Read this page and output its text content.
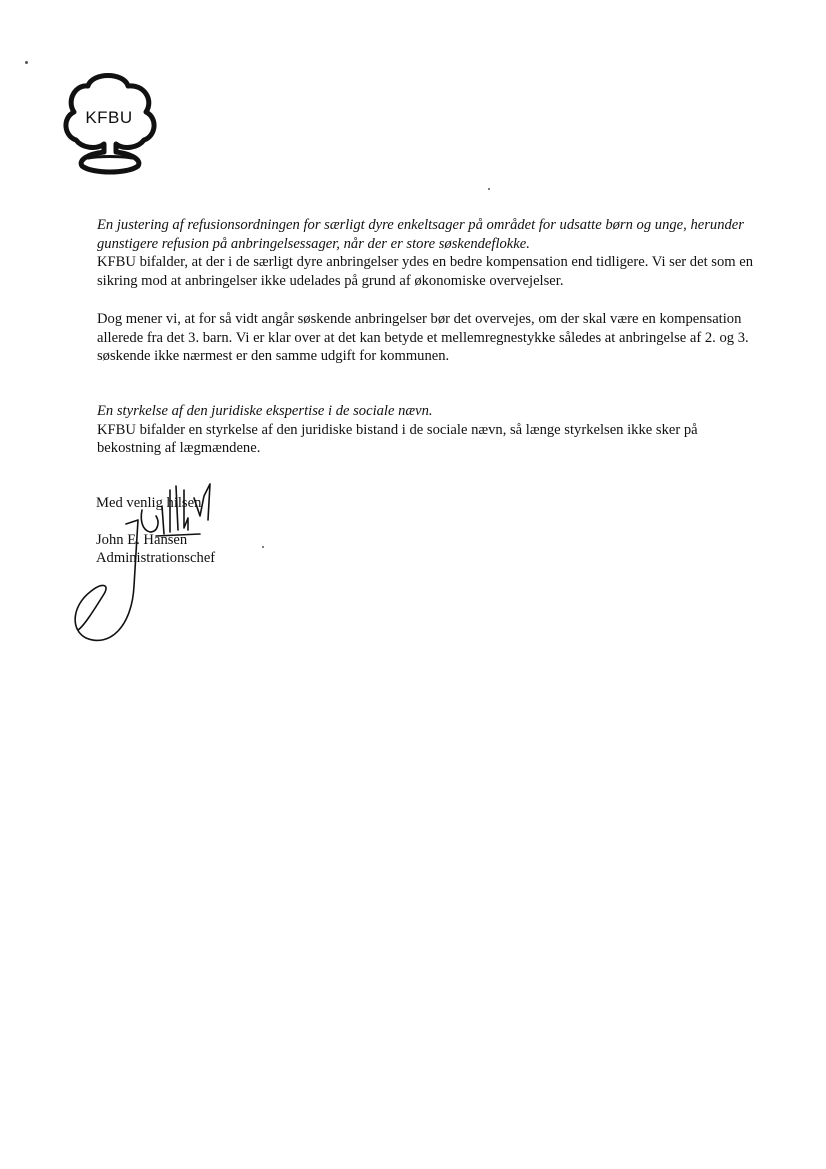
KFBU

En justering af refusionsordningen for særligt dyre enkeltsager på området for udsatte børn og unge, herunder gunstigere refusion på anbringelsessager, når der er store søskendeflokke.

KFBU bifalder, at der i de særligt dyre anbringelser ydes en bedre kompensation end tidligere. Vi ser det som en sikring mod at anbringelser ikke udelades på grund af økonomiske overvejelser.

Dog mener vi, at for så vidt angår søskende anbringelser bør det overvejes, om der skal være en kompensation allerede fra det 3. barn. Vi er klar over at det kan betyde et mellemregnestykke således at anbringelse af 2. og 3. søskende ikke nærmest er den samme udgift for kommunen.

En styrkelse af den juridiske ekspertise i de sociale nævn.

KFBU bifalder en styrkelse af den juridiske bistand i de sociale nævn, så længe styrkelsen ikke sker på bekostning af lægmændene.

Med venlig hilsen
John E. Hansen
Administrationschef
